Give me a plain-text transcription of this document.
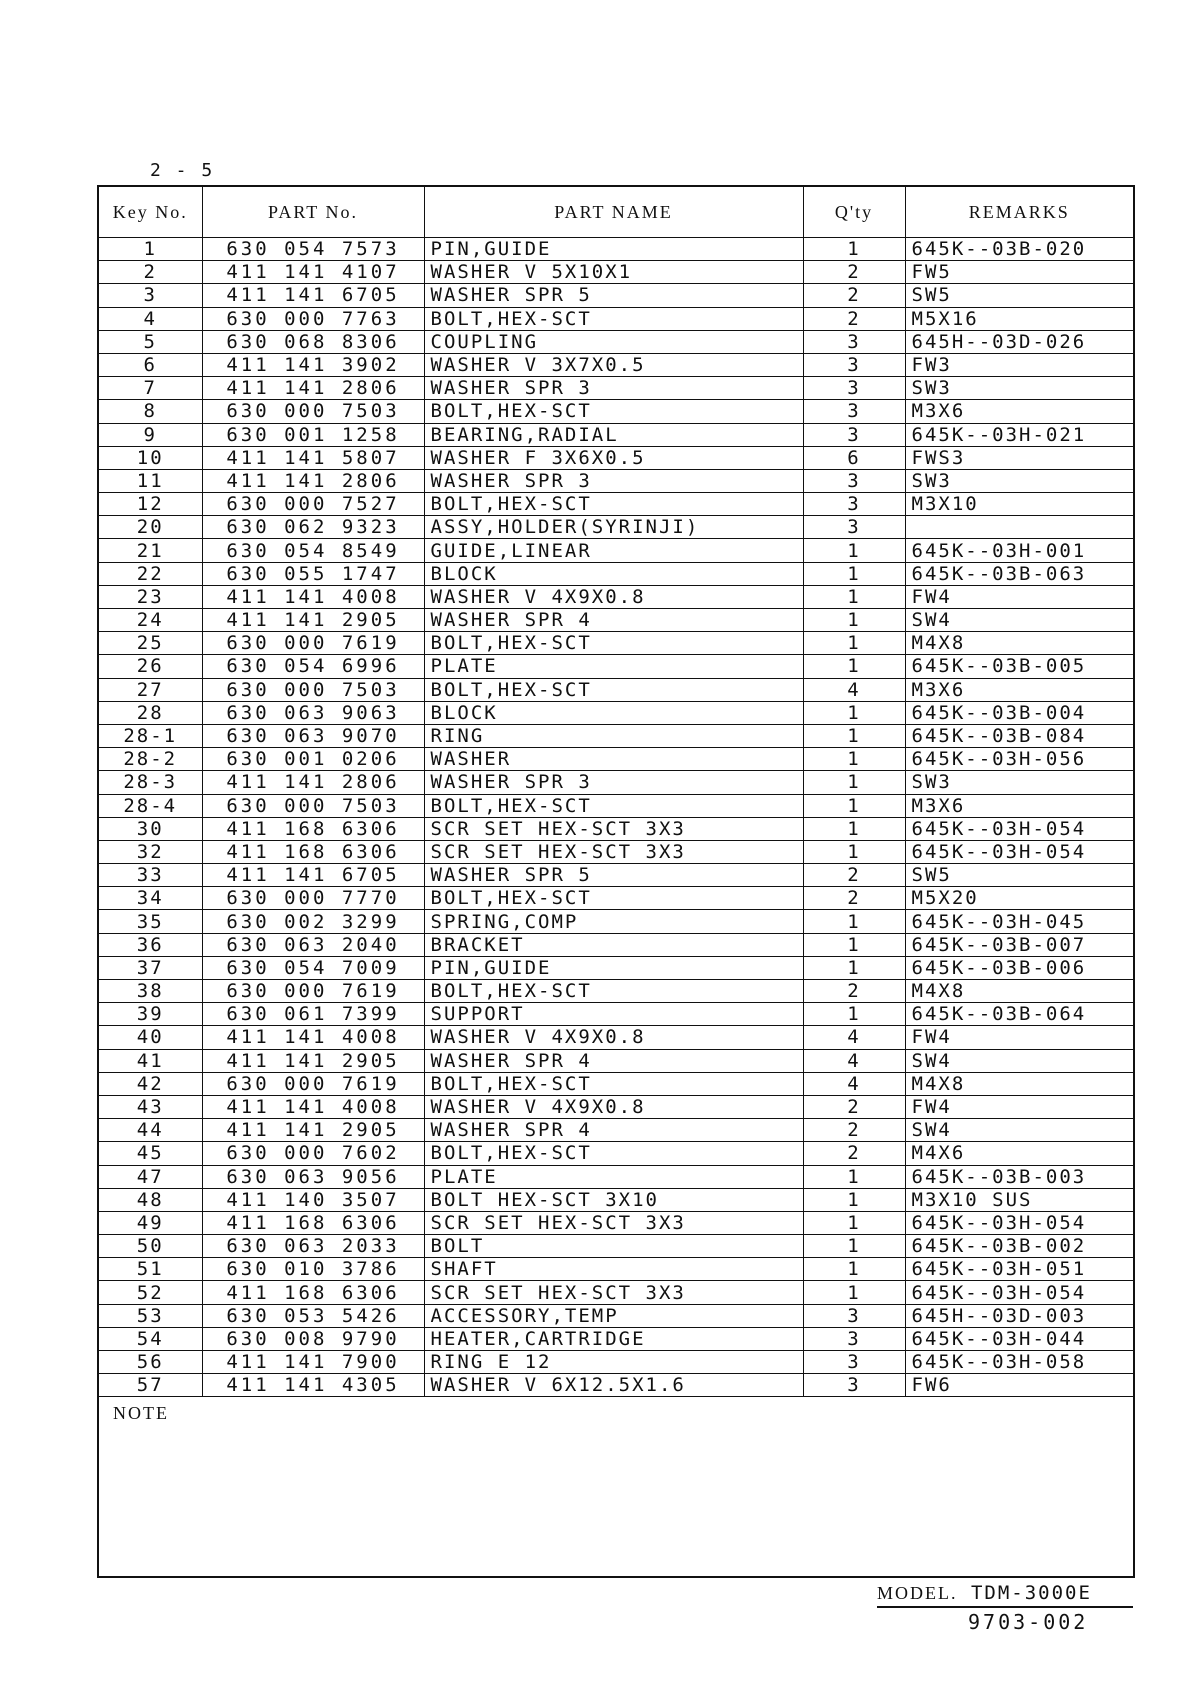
2 - 5
Key No.	PART No.	PART NAME	Q'ty	REMARKS
1	630 054 7573	PIN,GUIDE	1	645K--03B-020
2	411 141 4107	WASHER V 5X10X1	2	FW5
3	411 141 6705	WASHER SPR 5	2	SW5
4	630 000 7763	BOLT,HEX-SCT	2	M5X16
5	630 068 8306	COUPLING	3	645H--03D-026
6	411 141 3902	WASHER V 3X7X0.5	3	FW3
7	411 141 2806	WASHER SPR 3	3	SW3
8	630 000 7503	BOLT,HEX-SCT	3	M3X6
9	630 001 1258	BEARING,RADIAL	3	645K--03H-021
10	411 141 5807	WASHER F 3X6X0.5	6	FWS3
11	411 141 2806	WASHER SPR 3	3	SW3
12	630 000 7527	BOLT,HEX-SCT	3	M3X10
20	630 062 9323	ASSY,HOLDER(SYRINJI)	3	
21	630 054 8549	GUIDE,LINEAR	1	645K--03H-001
22	630 055 1747	BLOCK	1	645K--03B-063
23	411 141 4008	WASHER V 4X9X0.8	1	FW4
24	411 141 2905	WASHER SPR 4	1	SW4
25	630 000 7619	BOLT,HEX-SCT	1	M4X8
26	630 054 6996	PLATE	1	645K--03B-005
27	630 000 7503	BOLT,HEX-SCT	4	M3X6
28	630 063 9063	BLOCK	1	645K--03B-004
28-1	630 063 9070	RING	1	645K--03B-084
28-2	630 001 0206	WASHER	1	645K--03H-056
28-3	411 141 2806	WASHER SPR 3	1	SW3
28-4	630 000 7503	BOLT,HEX-SCT	1	M3X6
30	411 168 6306	SCR SET HEX-SCT 3X3	1	645K--03H-054
32	411 168 6306	SCR SET HEX-SCT 3X3	1	645K--03H-054
33	411 141 6705	WASHER SPR 5	2	SW5
34	630 000 7770	BOLT,HEX-SCT	2	M5X20
35	630 002 3299	SPRING,COMP	1	645K--03H-045
36	630 063 2040	BRACKET	1	645K--03B-007
37	630 054 7009	PIN,GUIDE	1	645K--03B-006
38	630 000 7619	BOLT,HEX-SCT	2	M4X8
39	630 061 7399	SUPPORT	1	645K--03B-064
40	411 141 4008	WASHER V 4X9X0.8	4	FW4
41	411 141 2905	WASHER SPR 4	4	SW4
42	630 000 7619	BOLT,HEX-SCT	4	M4X8
43	411 141 4008	WASHER V 4X9X0.8	2	FW4
44	411 141 2905	WASHER SPR 4	2	SW4
45	630 000 7602	BOLT,HEX-SCT	2	M4X6
47	630 063 9056	PLATE	1	645K--03B-003
48	411 140 3507	BOLT HEX-SCT 3X10	1	M3X10 SUS
49	411 168 6306	SCR SET HEX-SCT 3X3	1	645K--03H-054
50	630 063 2033	BOLT	1	645K--03B-002
51	630 010 3786	SHAFT	1	645K--03H-051
52	411 168 6306	SCR SET HEX-SCT 3X3	1	645K--03H-054
53	630 053 5426	ACCESSORY,TEMP	3	645H--03D-003
54	630 008 9790	HEATER,CARTRIDGE	3	645K--03H-044
56	411 141 7900	RING E 12	3	645K--03H-058
57	411 141 4305	WASHER V 6X12.5X1.6	3	FW6
NOTE
MODEL. TDM-3000E
9703-002
